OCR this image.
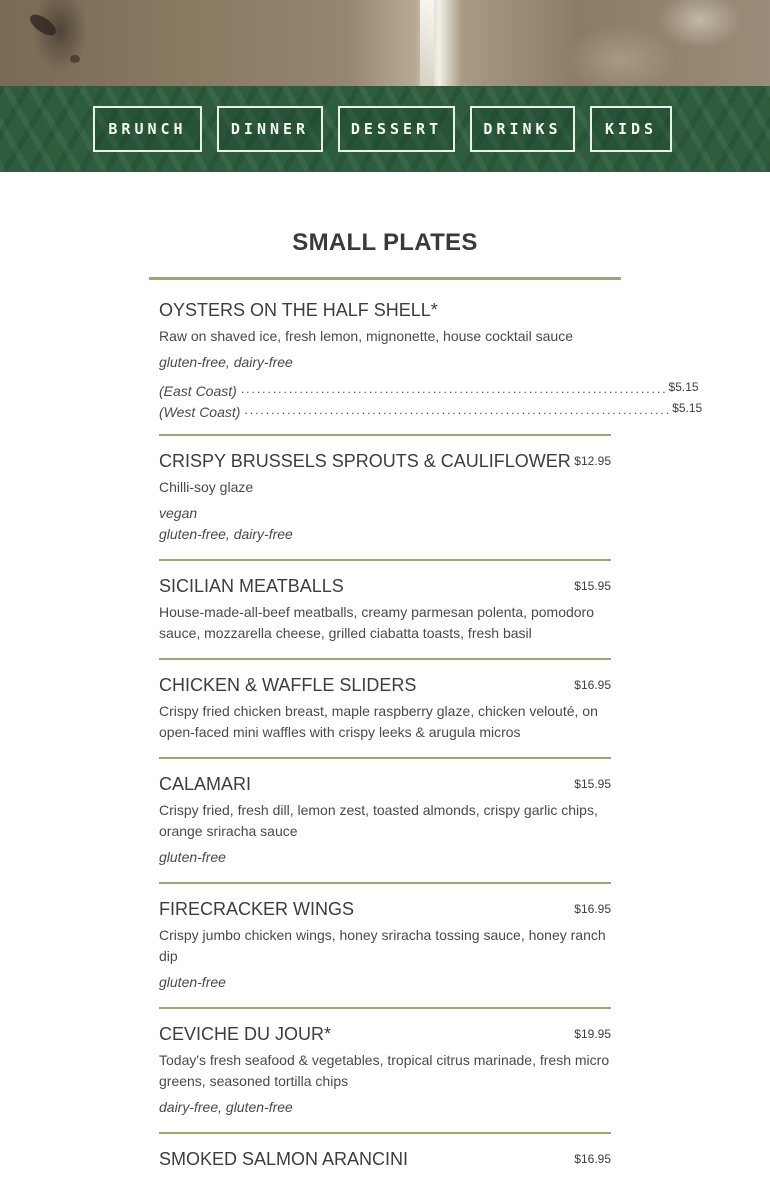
BRUNCH	DINNER	DESSERT	DRINKS	KIDS
SMALL PLATES
OYSTERS ON THE HALF SHELL*
Raw on shaved ice, fresh lemon, mignonette, house cocktail sauce
gluten-free, dairy-free
(East Coast) ................................................................................ $5.15
(West Coast) ................................................................................ $5.15
CRISPY BRUSSELS SPROUTS & CAULIFLOWER $12.95
Chilli-soy glaze
vegan
gluten-free, dairy-free
SICILIAN MEATBALLS	$15.95
House-made-all-beef meatballs, creamy parmesan polenta, pomodoro sauce, mozzarella cheese, grilled ciabatta toasts, fresh basil
CHICKEN & WAFFLE SLIDERS	$16.95
Crispy fried chicken breast, maple raspberry glaze, chicken velouté, on open-faced mini waffles with crispy leeks & arugula micros
CALAMARI	$15.95
Crispy fried, fresh dill, lemon zest, toasted almonds, crispy garlic chips, orange sriracha sauce
gluten-free
FIRECRACKER WINGS	$16.95
Crispy jumbo chicken wings, honey sriracha tossing sauce, honey ranch dip
gluten-free
CEVICHE DU JOUR*	$19.95
Today's fresh seafood & vegetables, tropical citrus marinade, fresh micro greens, seasoned tortilla chips
dairy-free, gluten-free
SMOKED SALMON ARANCINI	$16.95
